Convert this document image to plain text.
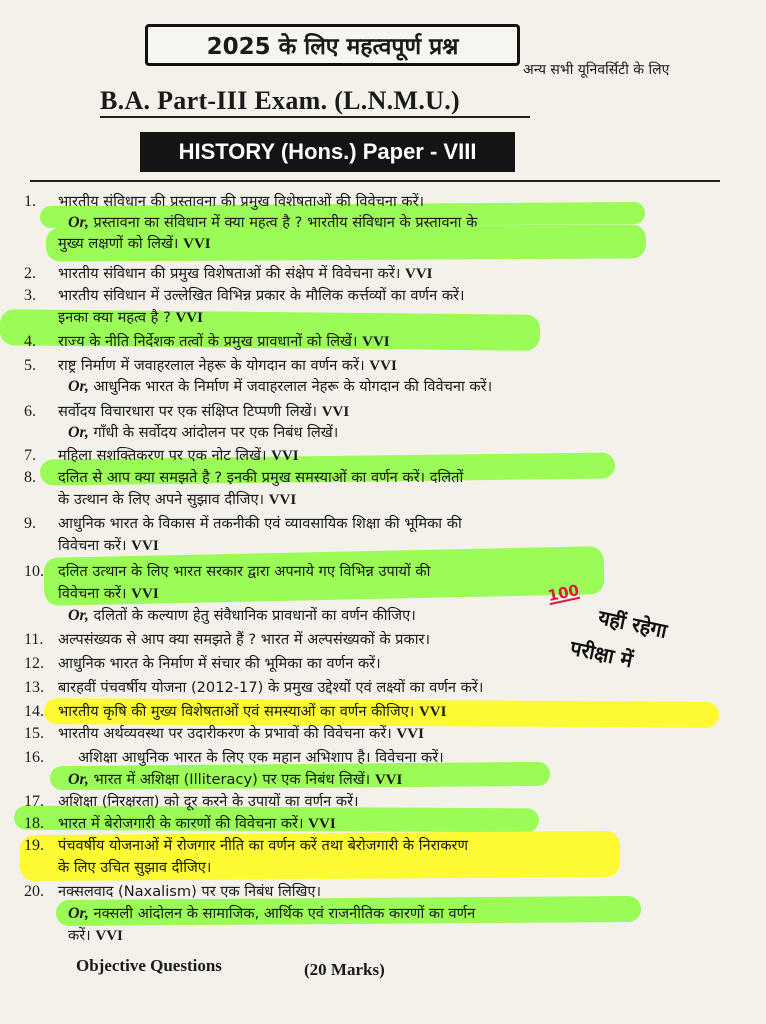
2025 के लिए महत्वपूर्ण प्रश्न
अन्य सभी यूनिवर्सिटी के लिए
B.A. Part-III Exam. (L.N.M.U.)
HISTORY (Hons.) Paper - VIII
1. भारतीय संविधान की प्रस्तावना की प्रमुख विशेषताओं की विवेचना करें।
Or, प्रस्तावना का संविधान में क्या महत्व है ? भारतीय संविधान के प्रस्तावना के
मुख्य लक्षणों को लिखें। VVI
2. भारतीय संविधान की प्रमुख विशेषताओं की संक्षेप में विवेचना करें। VVI
3. भारतीय संविधान में उल्लेखित विभिन्न प्रकार के मौलिक कर्त्तव्यों का वर्णन करें।
इनका क्या महत्व है ? VVI
4. राज्य के नीति निर्देशक तत्वों के प्रमुख प्रावधानों को लिखें। VVI
5. राष्ट्र निर्माण में जवाहरलाल नेहरू के योगदान का वर्णन करें। VVI
Or, आधुनिक भारत के निर्माण में जवाहरलाल नेहरू के योगदान की विवेचना करें।
6. सर्वोदय विचारधारा पर एक संक्षिप्त टिप्पणी लिखें। VVI
Or, गाँधी के सर्वोदय आंदोलन पर एक निबंध लिखें।
7. महिला सशक्तिकरण पर एक नोट लिखें। VVI
8. दलित से आप क्या समझते है ? इनकी प्रमुख समस्याओं का वर्णन करें। दलितों
के उत्थान के लिए अपने सुझाव दीजिए। VVI
9. आधुनिक भारत के विकास में तकनीकी एवं व्यावसायिक शिक्षा की भूमिका की
विवेचना करें। VVI
10. दलित उत्थान के लिए भारत सरकार द्वारा अपनाये गए विभिन्न उपायों की
विवेचना करें। VVI
Or, दलितों के कल्याण हेतु संवैधानिक प्रावधानों का वर्णन कीजिए।
11. अल्पसंख्यक से आप क्या समझते हैं ? भारत में अल्पसंख्यकों के प्रकार।
12. आधुनिक भारत के निर्माण में संचार की भूमिका का वर्णन करें।
13. बारहवीं पंचवर्षीय योजना (2012-17) के प्रमुख उद्देश्यों एवं लक्ष्यों का वर्णन करें।
14. भारतीय कृषि की मुख्य विशेषताओं एवं समस्याओं का वर्णन कीजिए। VVI
15. भारतीय अर्थव्यवस्था पर उदारीकरण के प्रभावों की विवेचना करें। VVI
16. अशिक्षा आधुनिक भारत के लिए एक महान अभिशाप है। विवेचना करें।
Or, भारत में अशिक्षा (Illiteracy) पर एक निबंध लिखें। VVI
17. अशिक्षा (निरक्षरता) को दूर करने के उपायों का वर्णन करें।
18. भारत में बेरोजगारी के कारणों की विवेचना करें। VVI
19. पंचवर्षीय योजनाओं में रोजगार नीति का वर्णन करें तथा बेरोजगारी के निराकरण
के लिए उचित सुझाव दीजिए।
20. नक्सलवाद (Naxalism) पर एक निबंध लिखिए।
Or, नक्सली आंदोलन के सामाजिक, आर्थिक एवं राजनीतिक कारणों का वर्णन
करें। VVI
Objective Questions	(20 Marks)
100
यहीं रहेगा
परीक्षा में
